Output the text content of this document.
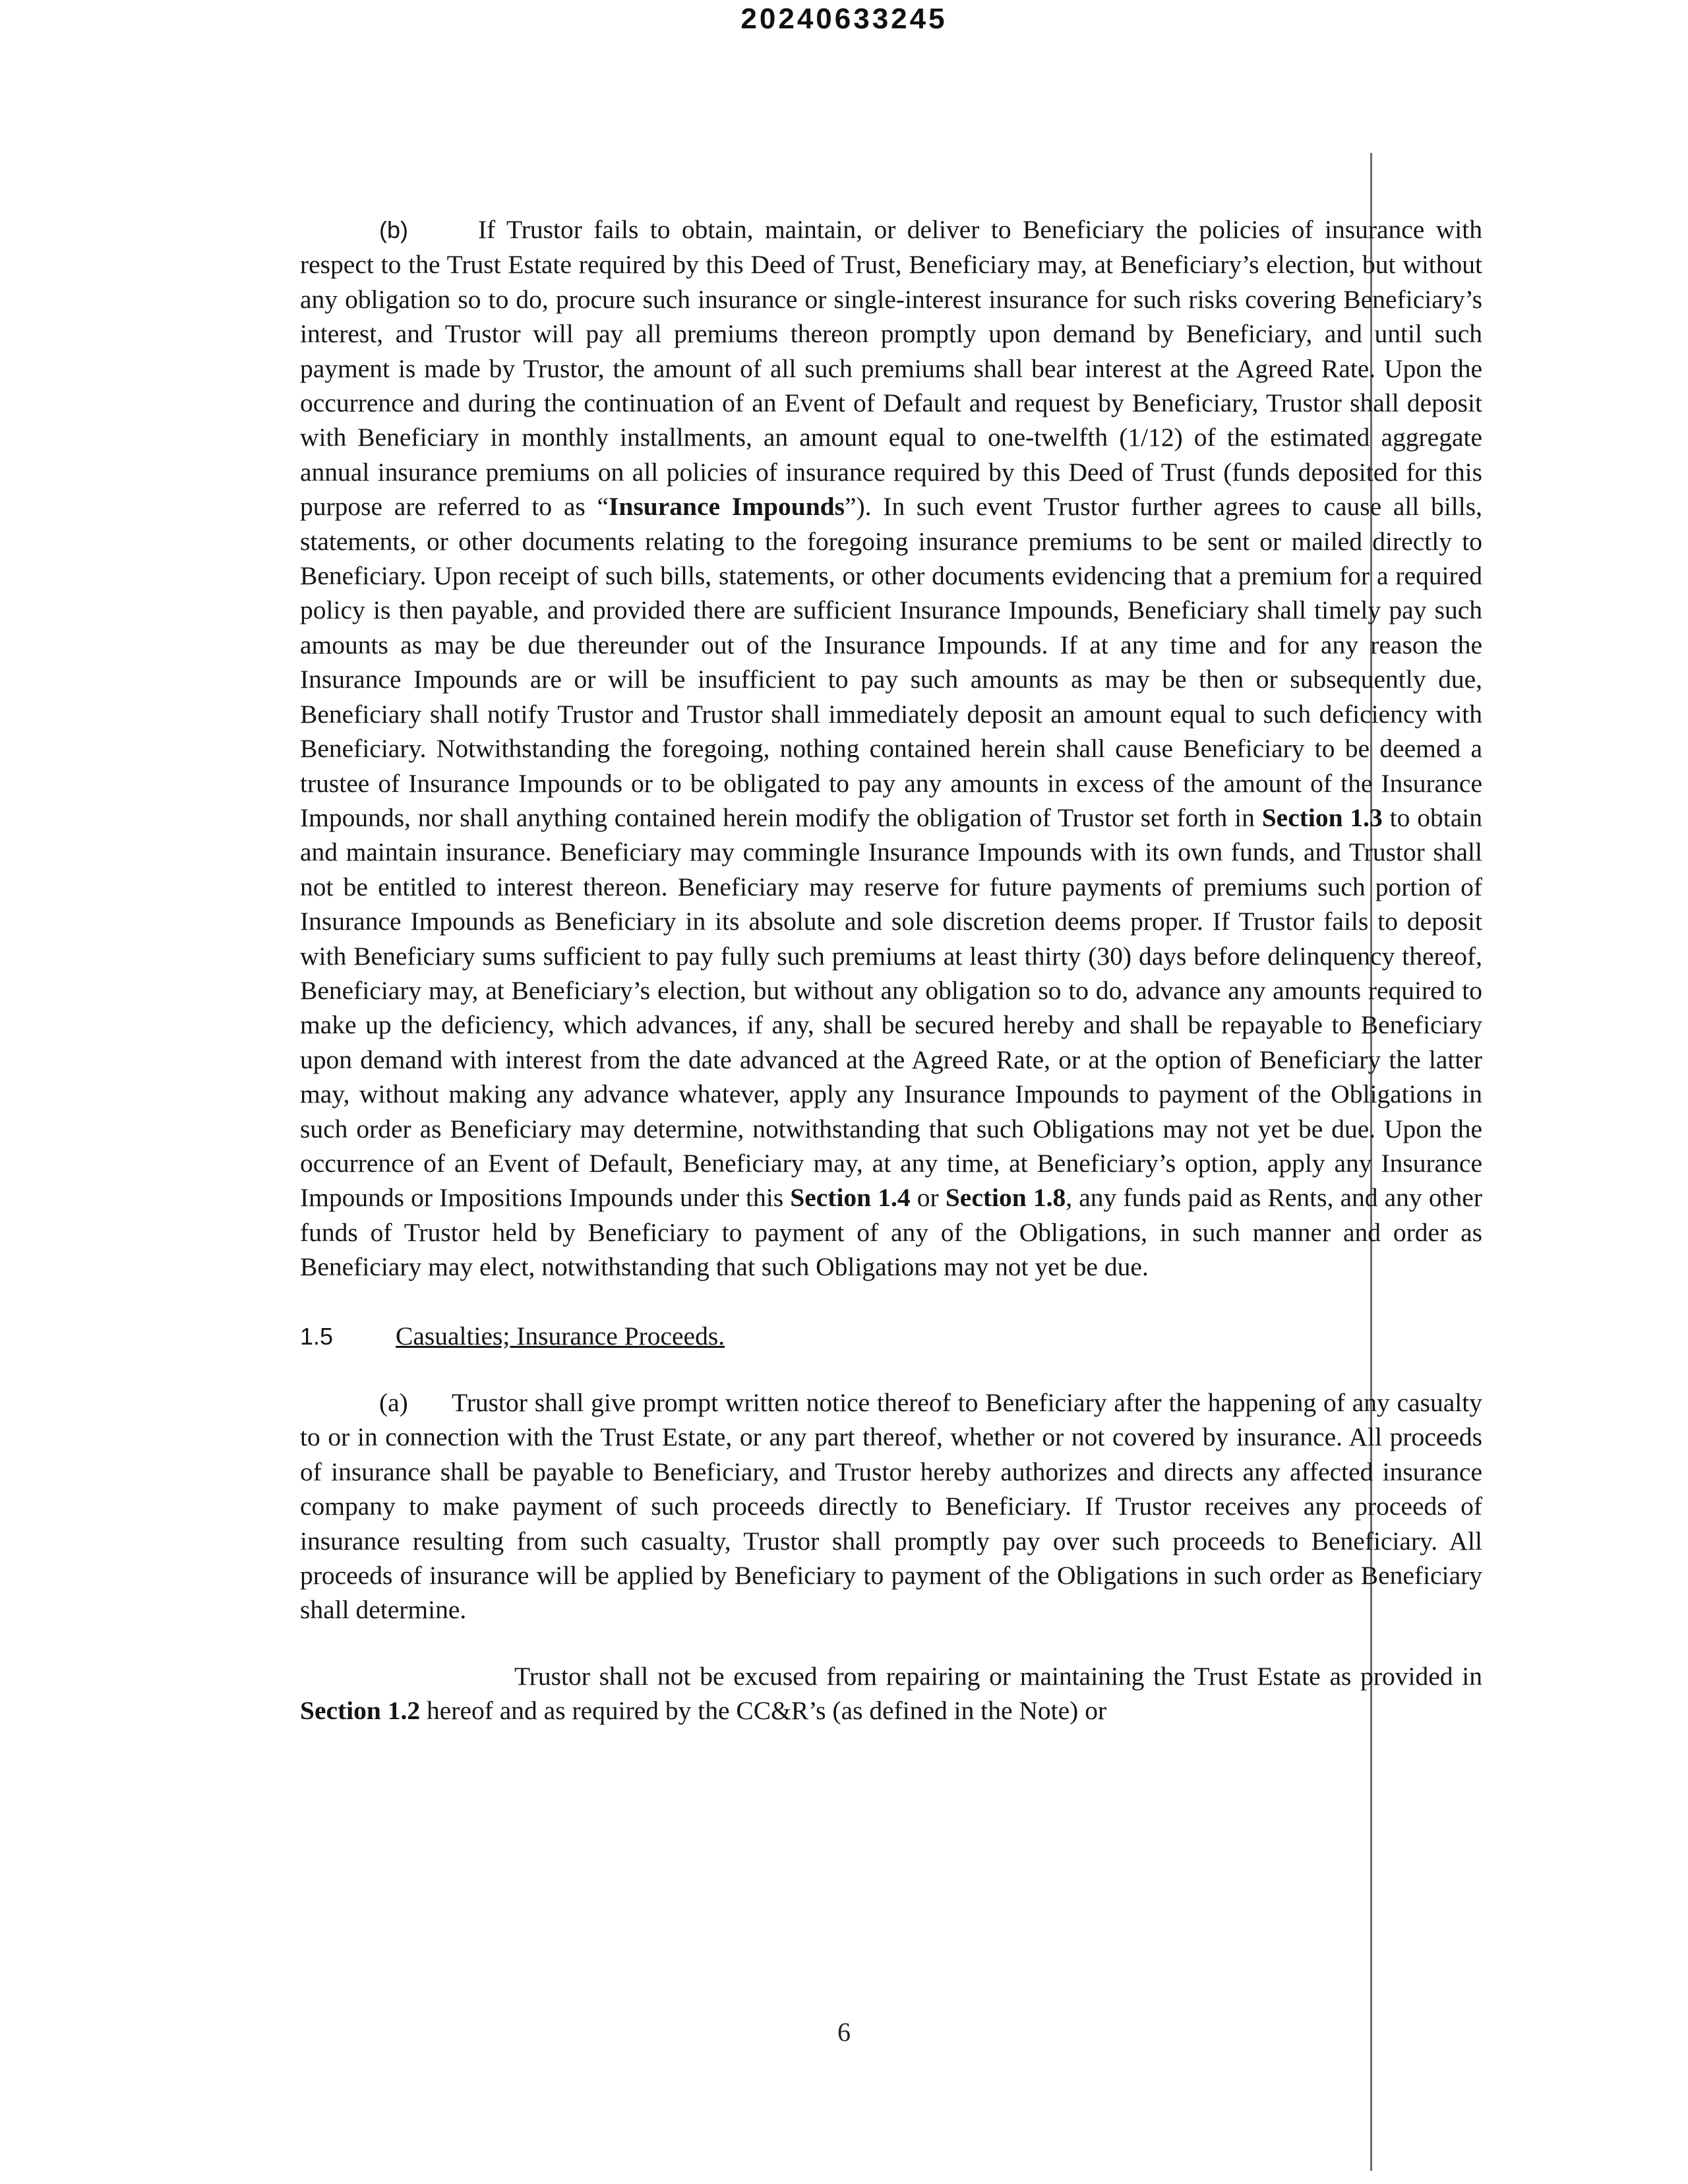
20240633245

(b)	If Trustor fails to obtain, maintain, or deliver to Beneficiary the policies of insurance with respect to the Trust Estate required by this Deed of Trust, Beneficiary may, at Beneficiary’s election, but without any obligation so to do, procure such insurance or single-interest insurance for such risks covering Beneficiary’s interest, and Trustor will pay all premiums thereon promptly upon demand by Beneficiary, and until such payment is made by Trustor, the amount of all such premiums shall bear interest at the Agreed Rate. Upon the occurrence and during the continuation of an Event of Default and request by Beneficiary, Trustor shall deposit with Beneficiary in monthly installments, an amount equal to one-twelfth (1/12) of the estimated aggregate annual insurance premiums on all policies of insurance required by this Deed of Trust (funds deposited for this purpose are referred to as “Insurance Impounds”). In such event Trustor further agrees to cause all bills, statements, or other documents relating to the foregoing insurance premiums to be sent or mailed directly to Beneficiary. Upon receipt of such bills, statements, or other documents evidencing that a premium for a required policy is then payable, and provided there are sufficient Insurance Impounds, Beneficiary shall timely pay such amounts as may be due thereunder out of the Insurance Impounds. If at any time and for any reason the Insurance Impounds are or will be insufficient to pay such amounts as may be then or subsequently due, Beneficiary shall notify Trustor and Trustor shall immediately deposit an amount equal to such deficiency with Beneficiary. Notwithstanding the foregoing, nothing contained herein shall cause Beneficiary to be deemed a trustee of Insurance Impounds or to be obligated to pay any amounts in excess of the amount of the Insurance Impounds, nor shall anything contained herein modify the obligation of Trustor set forth in Section 1.3 to obtain and maintain insurance. Beneficiary may commingle Insurance Impounds with its own funds, and Trustor shall not be entitled to interest thereon. Beneficiary may reserve for future payments of premiums such portion of Insurance Impounds as Beneficiary in its absolute and sole discretion deems proper. If Trustor fails to deposit with Beneficiary sums sufficient to pay fully such premiums at least thirty (30) days before delinquency thereof, Beneficiary may, at Beneficiary’s election, but without any obligation so to do, advance any amounts required to make up the deficiency, which advances, if any, shall be secured hereby and shall be repayable to Beneficiary upon demand with interest from the date advanced at the Agreed Rate, or at the option of Beneficiary the latter may, without making any advance whatever, apply any Insurance Impounds to payment of the Obligations in such order as Beneficiary may determine, notwithstanding that such Obligations may not yet be due. Upon the occurrence of an Event of Default, Beneficiary may, at any time, at Beneficiary’s option, apply any Insurance Impounds or Impositions Impounds under this Section 1.4 or Section 1.8, any funds paid as Rents, and any other funds of Trustor held by Beneficiary to payment of any of the Obligations, in such manner and order as Beneficiary may elect, notwithstanding that such Obligations may not yet be due.

1.5 Casualties; Insurance Proceeds.

(a) Trustor shall give prompt written notice thereof to Beneficiary after the happening of any casualty to or in connection with the Trust Estate, or any part thereof, whether or not covered by insurance. All proceeds of insurance shall be payable to Beneficiary, and Trustor hereby authorizes and directs any affected insurance company to make payment of such proceeds directly to Beneficiary. If Trustor receives any proceeds of insurance resulting from such casualty, Trustor shall promptly pay over such proceeds to Beneficiary. All proceeds of insurance will be applied by Beneficiary to payment of the Obligations in such order as Beneficiary shall determine.

Trustor shall not be excused from repairing or maintaining the Trust Estate as provided in Section 1.2 hereof and as required by the CC&R’s (as defined in the Note) or

6
